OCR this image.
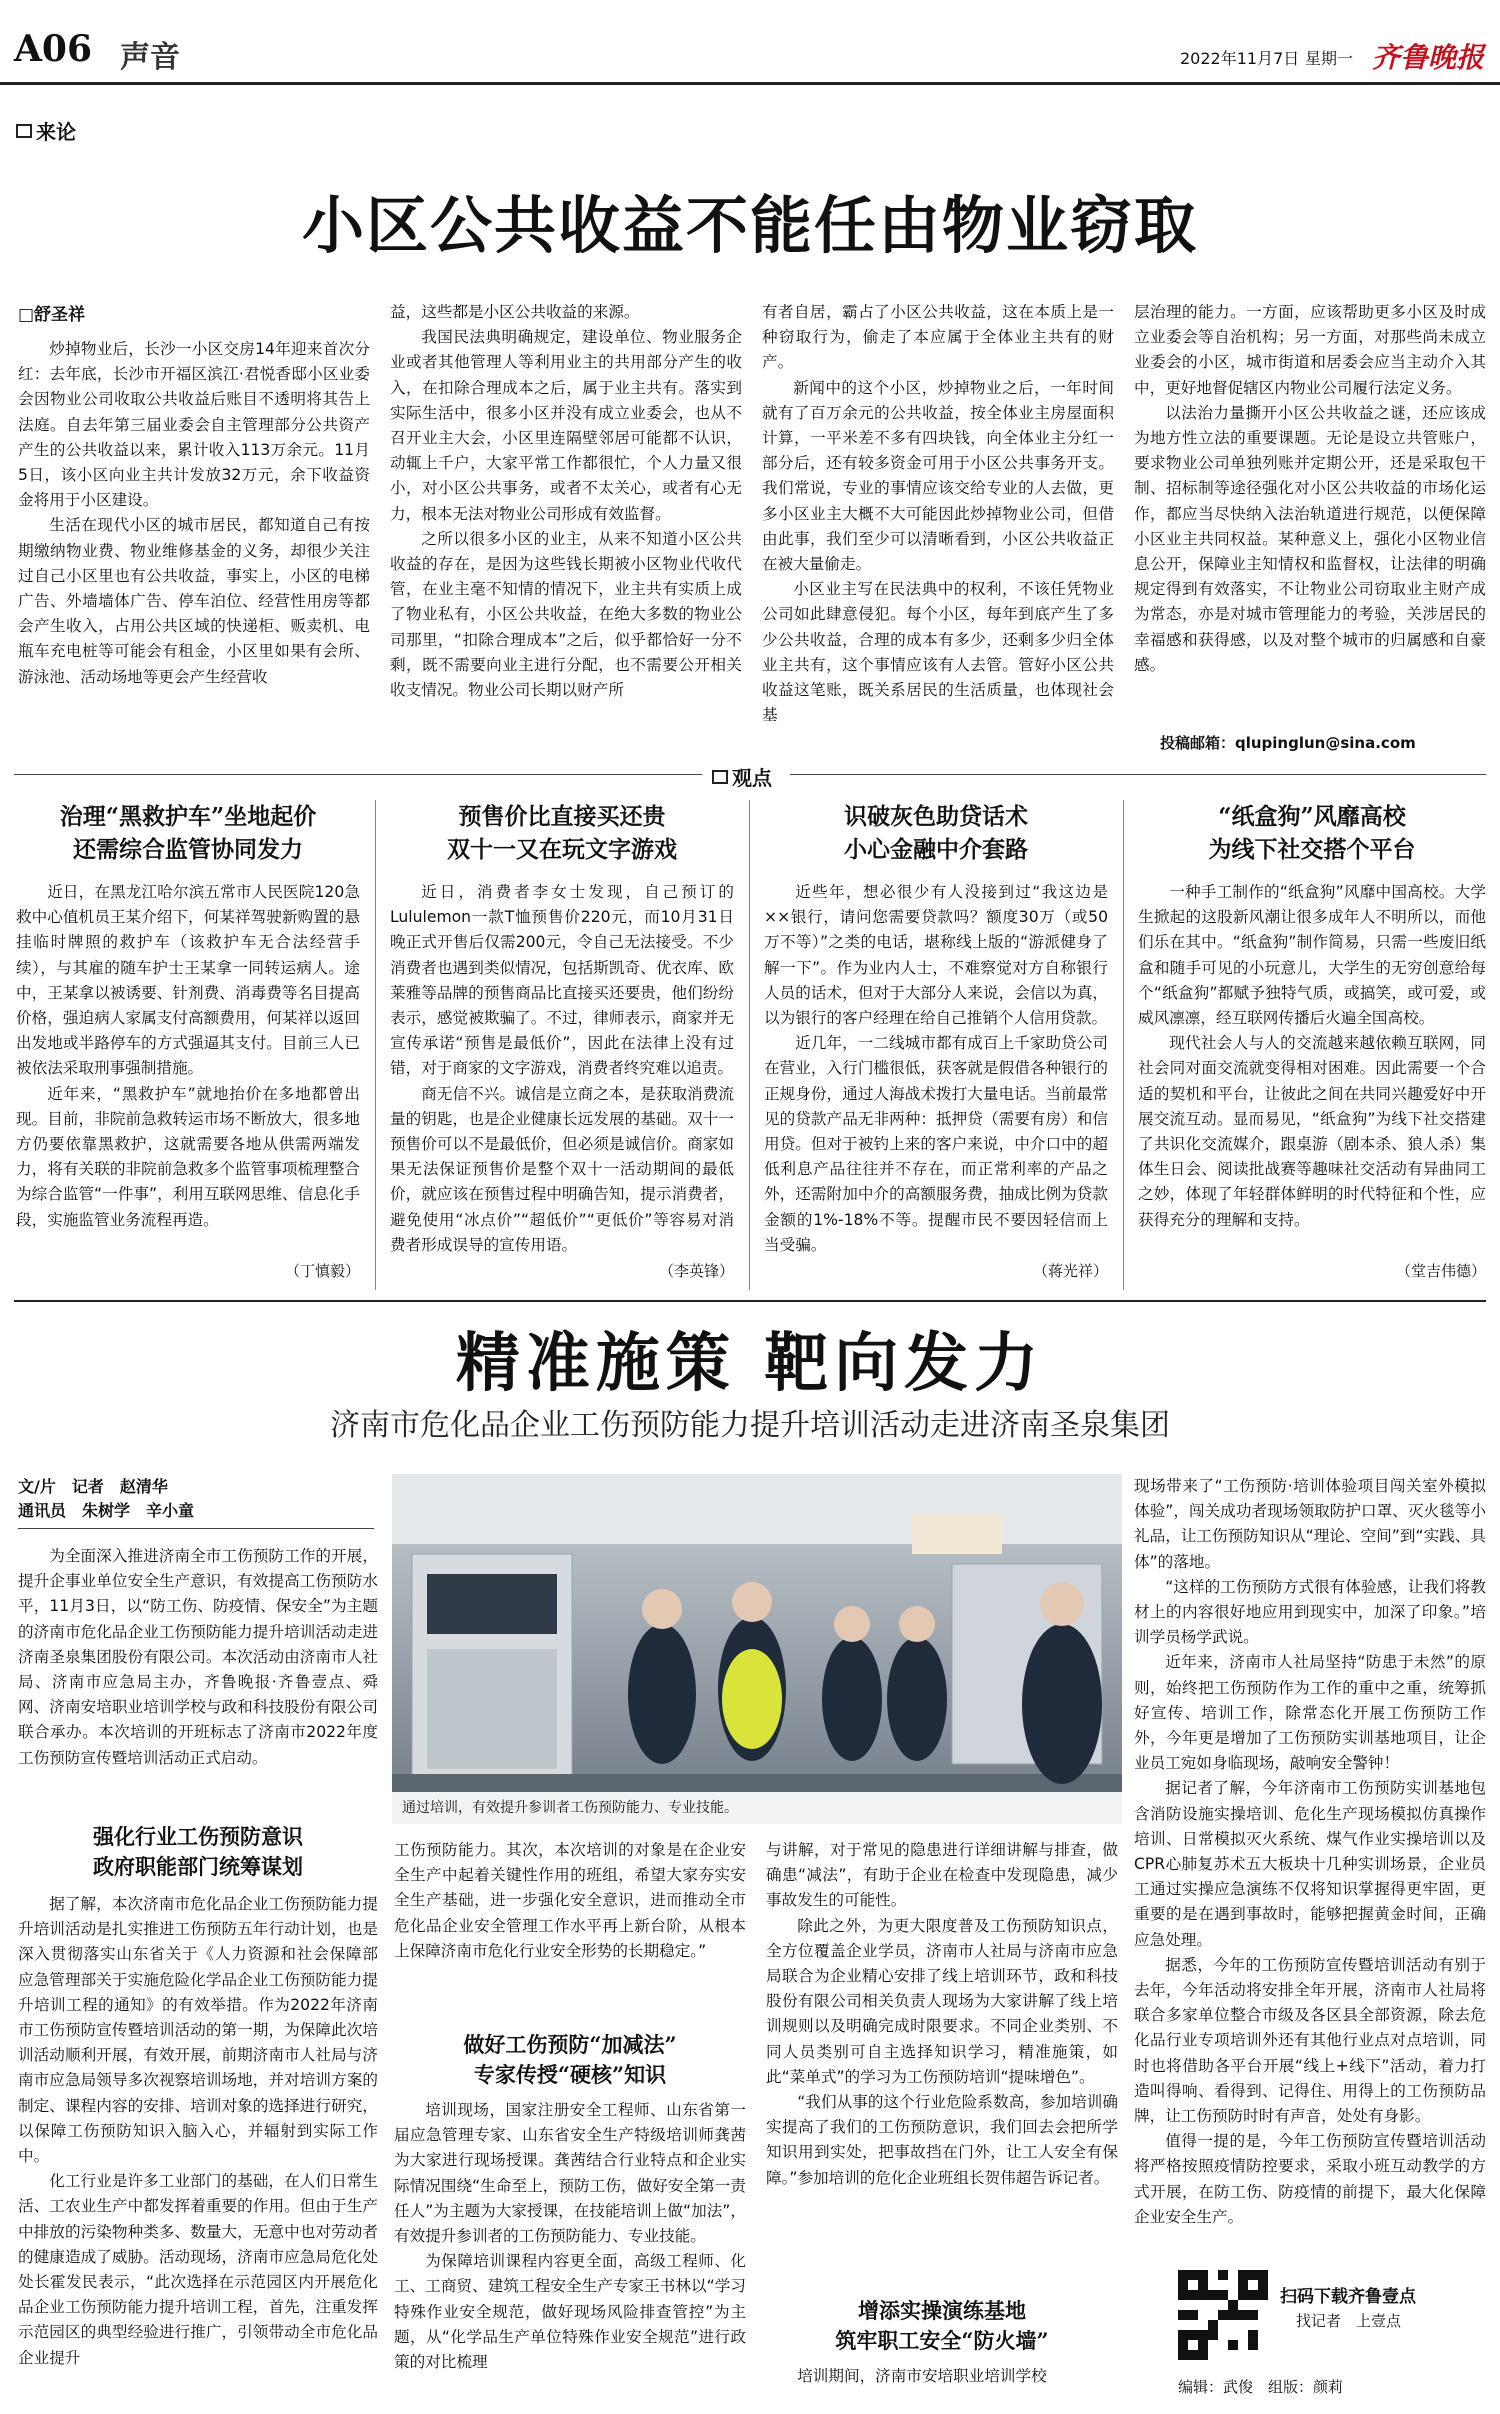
A06 声音	2022年11月7日 星期一 齐鲁晚报
来论
小区公共收益不能任由物业窃取
□舒圣祥

炒掉物业后，长沙一小区交房14年迎来首次分红：去年底，长沙市开福区滨江·君悦香邸小区业委会因物业公司收取公共收益后账目不透明将其告上法庭。自去年第三届业委会自主管理部分公共资产产生的公共收益以来，累计收入113万余元。11月5日，该小区向业主共计发放32万元，余下收益资金将用于小区建设。

生活在现代小区的城市居民，都知道自己有按期缴纳物业费、物业维修基金的义务，却很少关注过自己小区里也有公共收益，事实上，小区的电梯广告、外墙墙体广告、停车泊位、经营性用房等都会产生收入，占用公共区域的快递柜、贩卖机、电瓶车充电桩等可能会有租金，小区里如果有会所、游泳池、活动场地等更会产生经营收

益，这些都是小区公共收益的来源。

我国民法典明确规定，建设单位、物业服务企业或者其他管理人等利用业主的共用部分产生的收入，在扣除合理成本之后，属于业主共有。落实到实际生活中，很多小区并没有成立业委会，也从不召开业主大会，小区里连隔壁邻居可能都不认识，动辄上千户，大家平常工作都很忙，个人力量又很小，对小区公共事务，或者不太关心，或者有心无力，根本无法对物业公司形成有效监督。

之所以很多小区的业主，从来不知道小区公共收益的存在，是因为这些钱长期被小区物业代收代管，在业主毫不知情的情况下，业主共有实质上成了物业私有，小区公共收益，在绝大多数的物业公司那里，“扣除合理成本”之后，似乎都恰好一分不剩，既不需要向业主进行分配，也不需要公开相关收支情况。物业公司长期以财产所

有者自居，霸占了小区公共收益，这在本质上是一种窃取行为，偷走了本应属于全体业主共有的财产。

新闻中的这个小区，炒掉物业之后，一年时间就有了百万余元的公共收益，按全体业主房屋面积计算，一平米差不多有四块钱，向全体业主分红一部分后，还有较多资金可用于小区公共事务开支。我们常说，专业的事情应该交给专业的人去做，更多小区业主大概不大可能因此炒掉物业公司，但借由此事，我们至少可以清晰看到，小区公共收益正在被大量偷走。

小区业主写在民法典中的权利，不该任凭物业公司如此肆意侵犯。每个小区，每年到底产生了多少公共收益，合理的成本有多少，还剩多少归全体业主共有，这个事情应该有人去管。管好小区公共收益这笔账，既关系居民的生活质量，也体现社会基

层治理的能力。一方面，应该帮助更多小区及时成立业委会等自治机构；另一方面，对那些尚未成立业委会的小区，城市街道和居委会应当主动介入其中，更好地督促辖区内物业公司履行法定义务。

以法治力量撕开小区公共收益之谜，还应该成为地方性立法的重要课题。无论是设立共管账户，要求物业公司单独列账并定期公开，还是采取包干制、招标制等途径强化对小区公共收益的市场化运作，都应当尽快纳入法治轨道进行规范，以便保障小区业主共同权益。某种意义上，强化小区物业信息公开，保障业主知情权和监督权，让法律的明确规定得到有效落实，不让物业公司窃取业主财产成为常态，亦是对城市管理能力的考验，关涉居民的幸福感和获得感，以及对整个城市的归属感和自豪感。

投稿邮箱：qlupinglun@sina.com
观点
治理“黑救护车”坐地起价
还需综合监管协同发力

近日，在黑龙江哈尔滨五常市人民医院120急救中心值机员王某介绍下，何某祥驾驶新购置的悬挂临时牌照的救护车（该救护车无合法经营手续），与其雇的随车护士王某拿一同转运病人。途中，王某拿以被诱要、针剂费、消毒费等名目提高价格，强迫病人家属支付高额费用，何某祥以返回出发地或半路停车的方式强逼其支付。目前三人已被依法采取刑事强制措施。

近年来，“黑救护车”就地抬价在多地都曾出现。目前，非院前急救转运市场不断放大，很多地方仍要依靠黑救护，这就需要各地从供需两端发力，将有关联的非院前急救多个监管事项梳理整合为综合监管“一件事”，利用互联网思维、信息化手段，实施监管业务流程再造。

（丁慎毅）
预售价比直接买还贵
双十一又在玩文字游戏

近日，消费者李女士发现，自己预订的Lululemon一款T恤预售价220元，而10月31日晚正式开售后仅需200元，令自己无法接受。不少消费者也遇到类似情况，包括斯凯奇、优衣库、欧莱雅等品牌的预售商品比直接买还要贵，他们纷纷表示，感觉被欺骗了。不过，律师表示，商家并无宣传承诺“预售是最低价”，因此在法律上没有过错，对于商家的文字游戏，消费者终究难以追责。

商无信不兴。诚信是立商之本，是获取消费流量的钥匙，也是企业健康长远发展的基础。双十一预售价可以不是最低价，但必须是诚信价。商家如果无法保证预售价是整个双十一活动期间的最低价，就应该在预售过程中明确告知，提示消费者，避免使用“冰点价”“超低价”“更低价”等容易对消费者形成误导的宣传用语。

（李英锋）
识破灰色助贷话术
小心金融中介套路

近些年，想必很少有人没接到过“我这边是××银行，请问您需要贷款吗？额度30万（或50万不等）”之类的电话，堪称线上版的“游派健身了解一下”。作为业内人士，不难察觉对方自称银行人员的话术，但对于大部分人来说，会信以为真，以为银行的客户经理在给自己推销个人信用贷款。

近几年，一二线城市都有成百上千家助贷公司在营业，入行门槛很低，获客就是假借各种银行的正规身份，通过人海战术拨打大量电话。当前最常见的贷款产品无非两种：抵押贷（需要有房）和信用贷。但对于被钓上来的客户来说，中介口中的超低利息产品往往并不存在，而正常利率的产品之外，还需附加中介的高额服务费，抽成比例为贷款金额的1%-18%不等。提醒市民不要因轻信而上当受骗。

（蒋光祥）
“纸盒狗”风靡高校
为线下社交搭个平台

一种手工制作的“纸盒狗”风靡中国高校。大学生掀起的这股新风潮让很多成年人不明所以，而他们乐在其中。“纸盒狗”制作简易，只需一些废旧纸盒和随手可见的小玩意儿，大学生的无穷创意给每个“纸盒狗”都赋予独特气质，或搞笑，或可爱，或威风凛凛，经互联网传播后火遍全国高校。

现代社会人与人的交流越来越依赖互联网，同社会同对面交流就变得相对困难。因此需要一个合适的契机和平台，让彼此之间在共同兴趣爱好中开展交流互动。显而易见，“纸盒狗”为线下社交搭建了共识化交流媒介，跟桌游（剧本杀、狼人杀）集体生日会、阅读批战赛等趣味社交活动有异曲同工之妙，体现了年轻群体鲜明的时代特征和个性，应获得充分的理解和支持。

（堂吉伟德）
精准施策 靶向发力
济南市危化品企业工伤预防能力提升培训活动走进济南圣泉集团
文/片　记者　赵清华
通讯员　朱树学　辛小童

为全面深入推进济南全市工伤预防工作的开展，提升企事业单位安全生产意识，有效提高工伤预防水平，11月3日，以“防工伤、防疫情、保安全”为主题的济南市危化品企业工伤预防能力提升培训活动走进济南圣泉集团股份有限公司。本次活动由济南市人社局、济南市应急局主办，齐鲁晚报·齐鲁壹点、舜网、济南安培职业培训学校与政和科技股份有限公司联合承办。本次培训的开班标志了济南市2022年度工伤预防宣传暨培训活动正式启动。

通过培训，有效提升参训者工伤预防能力、专业技能。
强化行业工伤预防意识
政府职能部门统筹谋划

据了解，本次济南市危化品企业工伤预防能力提升培训活动是扎实推进工伤预防五年行动计划，也是深入贯彻落实山东省关于《人力资源和社会保障部　应急管理部关于实施危险化学品企业工伤预防能力提升培训工程的通知》的有效举措。作为2022年济南市工伤预防宣传暨培训活动的第一期，为保障此次培训活动顺利开展，有效开展，前期济南市人社局与济南市应急局领导多次视察培训场地，并对培训方案的制定、课程内容的安排、培训对象的选择进行研究，以保障工伤预防知识入脑入心，并辐射到实际工作中。

化工行业是许多工业部门的基础，在人们日常生活、工农业生产中都发挥着重要的作用。但由于生产中排放的污染物种类多、数量大，无意中也对劳动者的健康造成了威胁。活动现场，济南市应急局危化处处长霍发民表示，“此次选择在示范园区内开展危化品企业工伤预防能力提升培训工程，首先，注重发挥示范园区的典型经验进行推广，引领带动全市危化品企业提升

工伤预防能力。其次，本次培训的对象是在企业安全生产中起着关键性作用的班组，希望大家夯实安全生产基础，进一步强化安全意识，进而推动全市危化品企业安全管理工作水平再上新台阶，从根本上保障济南市危化行业安全形势的长期稳定。”

做好工伤预防“加减法”
专家传授“硬核”知识

培训现场，国家注册安全工程师、山东省第一届应急管理专家、山东省安全生产特级培训师龚茜为大家进行现场授课。龚茜结合行业特点和企业实际情况围绕“生命至上，预防工伤，做好安全第一责任人”为主题为大家授课，在技能培训上做“加法”，有效提升参训者的工伤预防能力、专业技能。

为保障培训课程内容更全面，高级工程师、化工、工商贸、建筑工程安全生产专家王书林以“学习特殊作业安全规范，做好现场风险排查管控”为主题，从“化学品生产单位特殊作业安全规范”进行政策的对比梳理

与讲解，对于常见的隐患进行详细讲解与排查，做确患“减法”，有助于企业在检查中发现隐患，减少事故发生的可能性。

除此之外，为更大限度普及工伤预防知识点，全方位覆盖企业学员，济南市人社局与济南市应急局联合为企业精心安排了线上培训环节，政和科技股份有限公司相关负责人现场为大家讲解了线上培训规则以及明确完成时限要求。不同企业类别、不同人员类别可自主选择知识学习，精准施策，如此“菜单式”的学习为工伤预防培训“提味增色”。

“我们从事的这个行业危险系数高，参加培训确实提高了我们的工伤预防意识，我们回去会把所学知识用到实处，把事故挡在门外，让工人安全有保障。”参加培训的危化企业班组长贺伟超告诉记者。

增添实操演练基地
筑牢职工安全“防火墙”

培训期间，济南市安培职业培训学校

现场带来了“工伤预防·培训体验项目闯关室外模拟体验”，闯关成功者现场领取防护口罩、灭火毯等小礼品，让工伤预防知识从“理论、空间”到“实践、具体”的落地。

“这样的工伤预防方式很有体验感，让我们将教材上的内容很好地应用到现实中，加深了印象。”培训学员杨学武说。

近年来，济南市人社局坚持“防患于未然”的原则，始终把工伤预防作为工作的重中之重，统筹抓好宣传、培训工作，除常态化开展工伤预防工作外，今年更是增加了工伤预防实训基地项目，让企业员工宛如身临现场，敲响安全警钟！

据记者了解，今年济南市工伤预防实训基地包含消防设施实操培训、危化生产现场模拟仿真操作培训、日常模拟灭火系统、煤气作业实操培训以及CPR心肺复苏术五大板块十几种实训场景，企业员工通过实操应急演练不仅将知识掌握得更牢固，更重要的是在遇到事故时，能够把握黄金时间，正确应急处理。

据悉，今年的工伤预防宣传暨培训活动有别于去年，今年活动将安排全年开展，济南市人社局将联合多家单位整合市级及各区县全部资源，除去危化品行业专项培训外还有其他行业点对点培训，同时也将借助各平台开展“线上+线下”活动，着力打造叫得响、看得到、记得住、用得上的工伤预防品牌，让工伤预防时时有声音，处处有身影。

值得一提的是，今年工伤预防宣传暨培训活动将严格按照疫情防控要求，采取小班互动教学的方式开展，在防工伤、防疫情的前提下，最大化保障企业安全生产。

扫码下载齐鲁壹点
找记者　上壹点
编辑：武俊　组版：颜莉
